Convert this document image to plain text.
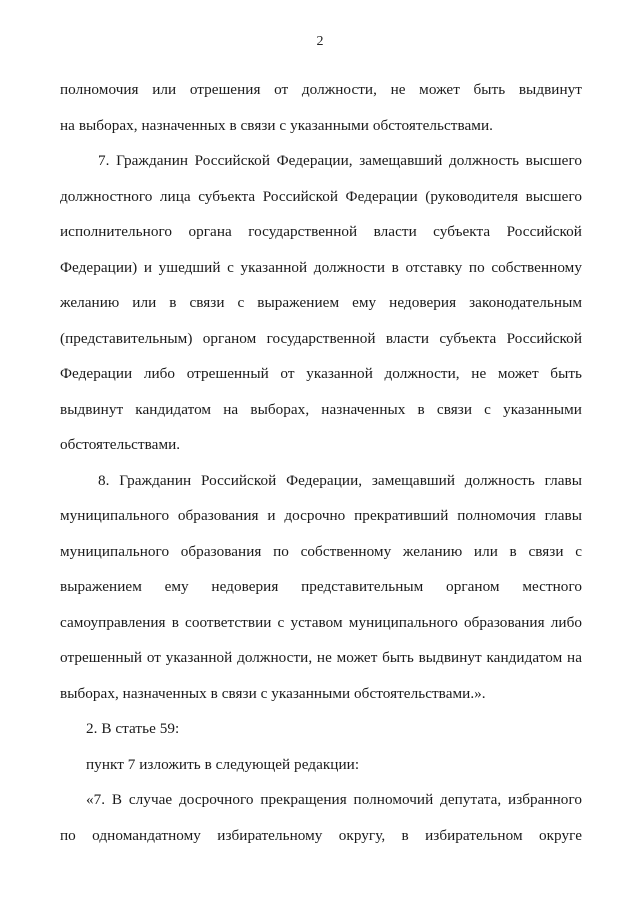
2
полномочия или отрешения от должности, не может быть выдвинут
на выборах, назначенных в связи с указанными обстоятельствами.
7. Гражданин Российской Федерации, замещавший должность высшего
должностного лица субъекта Российской Федерации (руководителя высшего
исполнительного органа государственной власти субъекта Российской
Федерации) и ушедший с указанной должности в отставку по собственному
желанию или в связи с выражением ему недоверия законодательным
(представительным) органом государственной власти субъекта Российской
Федерации либо отрешенный от указанной должности, не может быть
выдвинут кандидатом на выборах, назначенных в связи с указанными
обстоятельствами.
8. Гражданин Российской Федерации, замещавший должность главы
муниципального образования и досрочно прекративший полномочия главы
муниципального образования по собственному желанию или в связи с
выражением ему недоверия представительным органом местного
самоуправления в соответствии с уставом муниципального образования либо
отрешенный от указанной должности, не может быть выдвинут кандидатом на
выборах, назначенных в связи с указанными обстоятельствами.».
2. В статье 59:
пункт 7 изложить в следующей редакции:
«7. В случае досрочного прекращения полномочий депутата, избранного
по одномандатному избирательному округу, в избирательном округе
